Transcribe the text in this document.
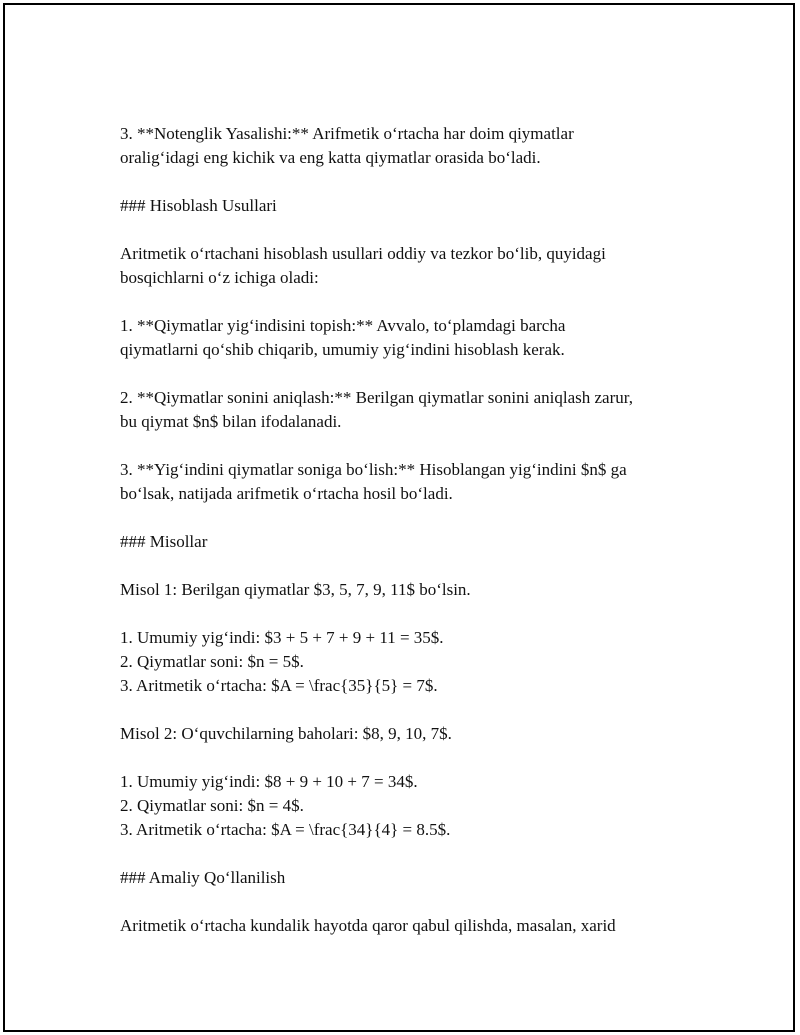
3. **Notenglik Yasalishi:** Arifmetik o‘rtacha har doim qiymatlar
oralig‘idagi eng kichik va eng katta qiymatlar orasida bo‘ladi.

### Hisoblash Usullari

Aritmetik o‘rtachani hisoblash usullari oddiy va tezkor bo‘lib, quyidagi
bosqichlarni o‘z ichiga oladi:

1. **Qiymatlar yig‘indisini topish:** Avvalo, to‘plamdagi barcha
qiymatlarni qo‘shib chiqarib, umumiy yig‘indini hisoblash kerak.

2. **Qiymatlar sonini aniqlash:** Berilgan qiymatlar sonini aniqlash zarur,
bu qiymat $n$ bilan ifodalanadi.

3. **Yig‘indini qiymatlar soniga bo‘lish:** Hisoblangan yig‘indini $n$ ga
bo‘lsak, natijada arifmetik o‘rtacha hosil bo‘ladi.

### Misollar

Misol 1: Berilgan qiymatlar $3, 5, 7, 9, 11$ bo‘lsin.

1. Umumiy yig‘indi: $3 + 5 + 7 + 9 + 11 = 35$.
2. Qiymatlar soni: $n = 5$.
3. Aritmetik o‘rtacha: $A = \frac{35}{5} = 7$.

Misol 2: O‘quvchilarning baholari: $8, 9, 10, 7$.

1. Umumiy yig‘indi: $8 + 9 + 10 + 7 = 34$.
2. Qiymatlar soni: $n = 4$.
3. Aritmetik o‘rtacha: $A = \frac{34}{4} = 8.5$.

### Amaliy Qo‘llanilish

Aritmetik o‘rtacha kundalik hayotda qaror qabul qilishda, masalan, xarid
